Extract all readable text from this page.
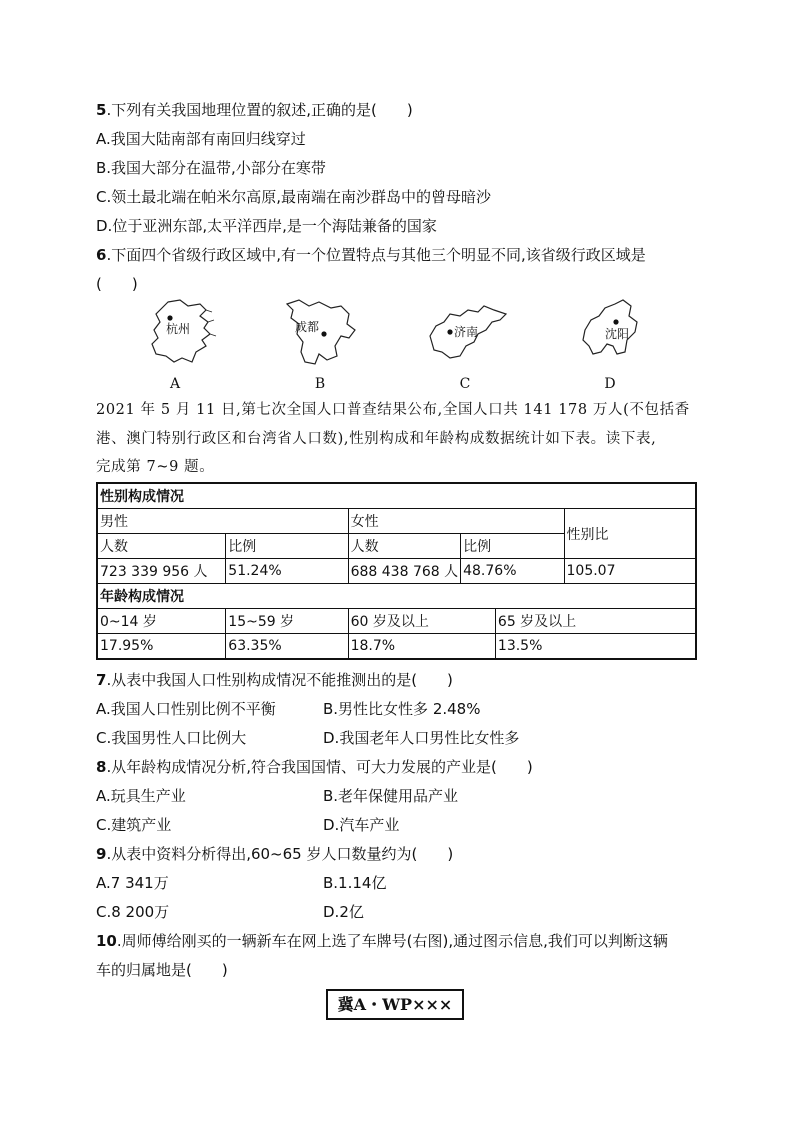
5.下列有关我国地理位置的叙述,正确的是(　　)
A.我国大陆南部有南回归线穿过
B.我国大部分在温带,小部分在寒带
C.领土最北端在帕米尔高原,最南端在南沙群岛中的曾母暗沙
D.位于亚洲东部,太平洋西岸,是一个海陆兼备的国家
6.下面四个省级行政区域中,有一个位置特点与其他三个明显不同,该省级行政区域是
(　　)
杭州
A
成都
B
济南
C
沈阳
D
2021 年 5 月 11 日,第七次全国人口普查结果公布,全国人口共 141 178 万人(不包括香
港、澳门特别行政区和台湾省人口数),性别构成和年龄构成数据统计如下表。读下表,
完成第 7~9 题。
性别构成情况					
男性		女性			性别比
人数	比例	人数	比例		
723 339 956 人	51.24%	688 438 768 人	48.76%		105.07
年龄构成情况					
0~14 岁	15~59 岁	60 岁及以上		65 岁及以上	
17.95%	63.35%	18.7%		13.5%	
7.从表中我国人口性别构成情况不能推测出的是(　　)
A.我国人口性别比例不平衡	B.男性比女性多 2.48%
C.我国男性人口比例大	D.我国老年人口男性比女性多
8.从年龄构成情况分析,符合我国国情、可大力发展的产业是(　　)
A.玩具生产业	B.老年保健用品产业
C.建筑产业	D.汽车产业
9.从表中资料分析得出,60~65 岁人口数量约为(　　)
A.7 341万	B.1.14亿
C.8 200万	D.2亿
10.周师傅给刚买的一辆新车在网上选了车牌号(右图),通过图示信息,我们可以判断这辆
车的归属地是(　　)
冀A・WP×××
